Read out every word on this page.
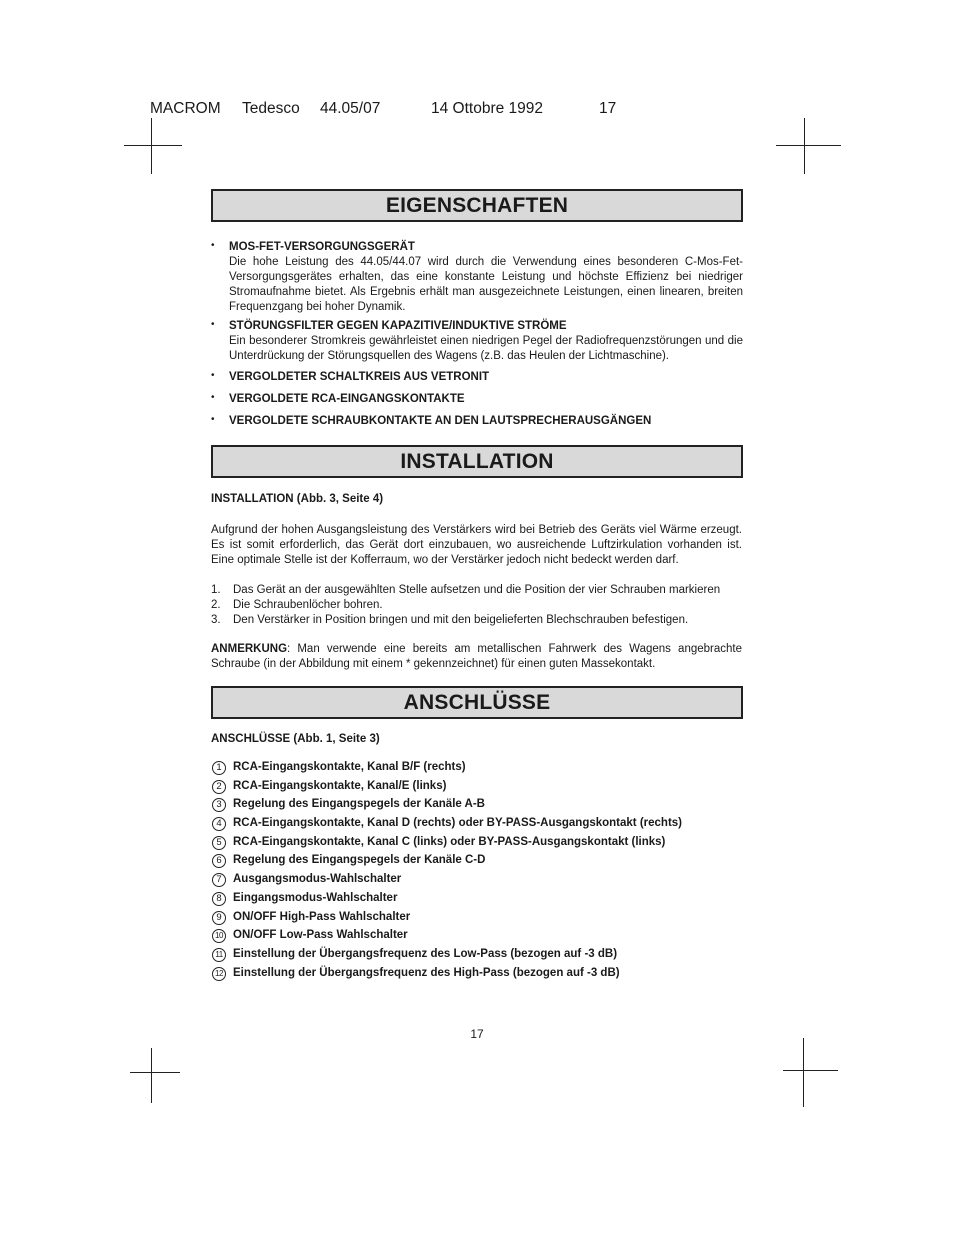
MACROM Tedesco 44.05/07	14 Ottobre 1992	17
EIGENSCHAFTEN
• MOS-FET-VERSORGUNGSGERÄT
Die hohe Leistung des 44.05/44.07 wird durch die Verwendung eines besonderen C-Mos-Fet-Versorgungsgerätes erhalten, das eine konstante Leistung und höchste Effizienz bei niedriger Stromaufnahme bietet. Als Ergebnis erhält man ausgezeichnete Leistungen, einen linearen, breiten Frequenzgang bei hoher Dynamik.
• STÖRUNGSFILTER GEGEN KAPAZITIVE/INDUKTIVE STRÖME
Ein besonderer Stromkreis gewährleistet einen niedrigen Pegel der Radiofrequenzstörungen und die Unterdrückung der Störungsquellen des Wagens (z.B. das Heulen der Lichtmaschine).
• VERGOLDETER SCHALTKREIS AUS VETRONIT
• VERGOLDETE RCA-EINGANGSKONTAKTE
• VERGOLDETE SCHRAUBKONTAKTE AN DEN LAUTSPRECHERAUSGÄNGEN
INSTALLATION
INSTALLATION (Abb. 3, Seite 4)
Aufgrund der hohen Ausgangsleistung des Verstärkers wird bei Betrieb des Geräts viel Wärme erzeugt. Es ist somit erforderlich, das Gerät dort einzubauen, wo ausreichende Luftzirkulation vorhanden ist. Eine optimale Stelle ist der Kofferraum, wo der Verstärker jedoch nicht bedeckt werden darf.
1. Das Gerät an der ausgewählten Stelle aufsetzen und die Position der vier Schrauben markieren
2. Die Schraubenlöcher bohren.
3. Den Verstärker in Position bringen und mit den beigelieferten Blechschrauben befestigen.
ANMERKUNG: Man verwende eine bereits am metallischen Fahrwerk des Wagens angebrachte Schraube (in der Abbildung mit einem * gekennzeichnet) für einen guten Massekontakt.
ANSCHLÜSSE
ANSCHLÜSSE (Abb. 1, Seite 3)
1 RCA-Eingangskontakte, Kanal B/F (rechts)
2 RCA-Eingangskontakte, Kanal/E (links)
3 Regelung des Eingangspegels der Kanäle A-B
4 RCA-Eingangskontakte, Kanal D (rechts) oder BY-PASS-Ausgangskontakt (rechts)
5 RCA-Eingangskontakte, Kanal C (links) oder BY-PASS-Ausgangskontakt (links)
6 Regelung des Eingangspegels der Kanäle C-D
7 Ausgangsmodus-Wahlschalter
8 Eingangsmodus-Wahlschalter
9 ON/OFF High-Pass Wahlschalter
10 ON/OFF Low-Pass Wahlschalter
11 Einstellung der Übergangsfrequenz des Low-Pass (bezogen auf -3 dB)
12 Einstellung der Übergangsfrequenz des High-Pass (bezogen auf -3 dB)
17
